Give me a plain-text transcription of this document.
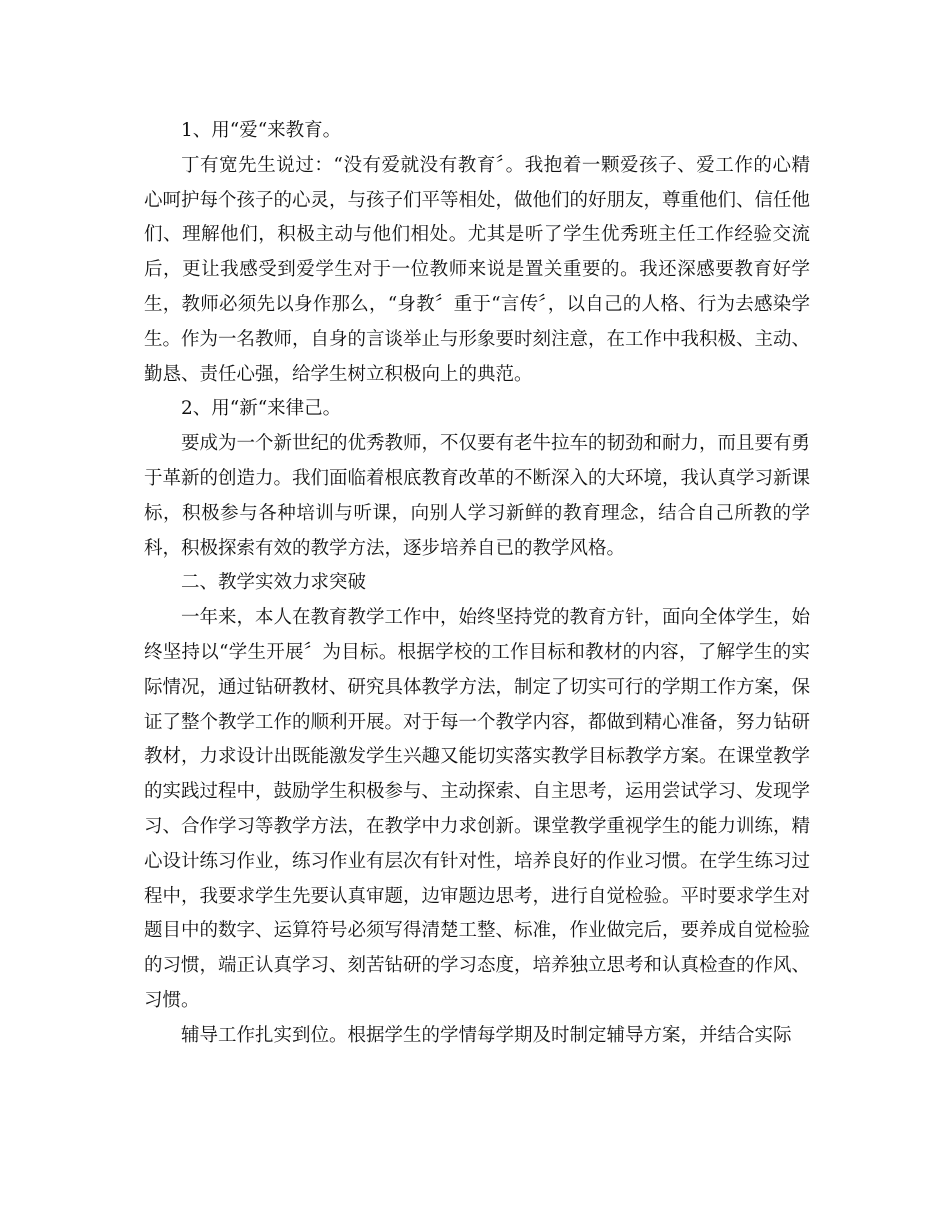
1、用“爱“来教育。

丁有宽先生说过：“没有爱就没有教育〞。我抱着一颗爱孩子、爱工作的心精心呵护每个孩子的心灵，与孩子们平等相处，做他们的好朋友，尊重他们、信任他们、理解他们，积极主动与他们相处。尤其是听了学生优秀班主任工作经验交流后，更让我感受到爱学生对于一位教师来说是置关重要的。我还深感要教育好学生，教师必须先以身作那么，“身教〞重于“言传〞，以自己的人格、行为去感染学生。作为一名教师，自身的言谈举止与形象要时刻注意，在工作中我积极、主动、勤恳、责任心强，给学生树立积极向上的典范。

2、用“新“来律己。

要成为一个新世纪的优秀教师，不仅要有老牛拉车的韧劲和耐力，而且要有勇于革新的创造力。我们面临着根底教育改革的不断深入的大环境，我认真学习新课标，积极参与各种培训与听课，向别人学习新鲜的教育理念，结合自己所教的学科，积极探索有效的教学方法，逐步培养自已的教学风格。

二、教学实效力求突破

一年来，本人在教育教学工作中，始终坚持党的教育方针，面向全体学生，始终坚持以“学生开展〞为目标。根据学校的工作目标和教材的内容，了解学生的实际情况，通过钻研教材、研究具体教学方法，制定了切实可行的学期工作方案，保证了整个教学工作的顺利开展。对于每一个教学内容，都做到精心准备，努力钻研教材，力求设计出既能激发学生兴趣又能切实落实教学目标教学方案。在课堂教学的实践过程中，鼓励学生积极参与、主动探索、自主思考，运用尝试学习、发现学习、合作学习等教学方法，在教学中力求创新。课堂教学重视学生的能力训练，精心设计练习作业，练习作业有层次有针对性，培养良好的作业习惯。在学生练习过程中，我要求学生先要认真审题，边审题边思考，进行自觉检验。平时要求学生对题目中的数字、运算符号必须写得清楚工整、标准，作业做完后，要养成自觉检验的习惯，端正认真学习、刻苦钻研的学习态度，培养独立思考和认真检查的作风、习惯。

辅导工作扎实到位。根据学生的学情每学期及时制定辅导方案，并结合实际
